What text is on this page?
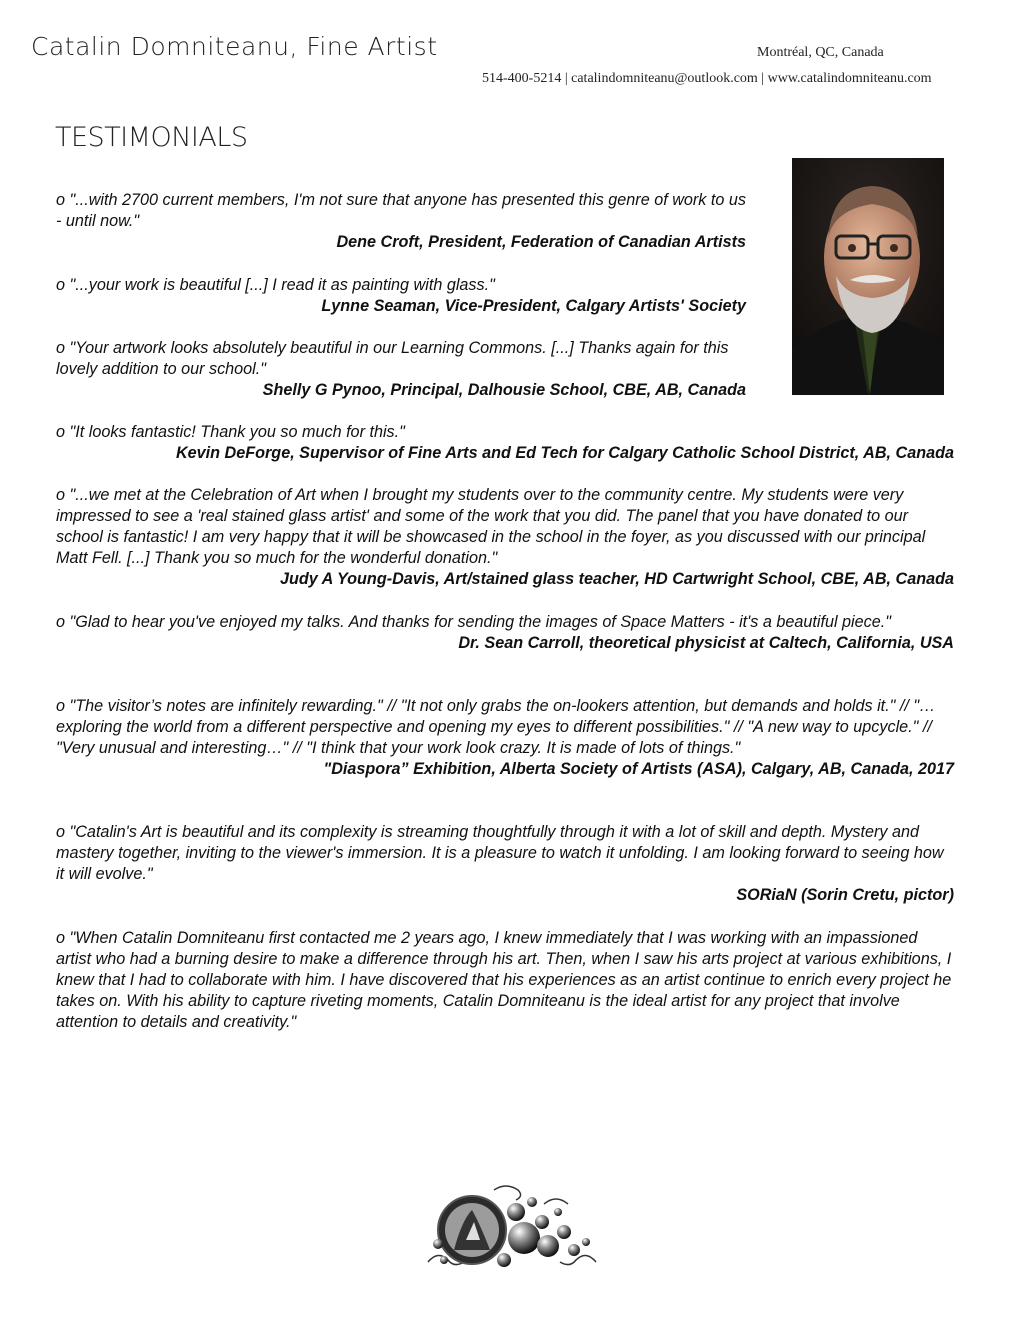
Catalin Domniteanu, Fine Artist	Montréal, QC, Canada
514-400-5214 | catalindomniteanu@outlook.com | www.catalindomniteanu.com
TESTIMONIALS

o "...with 2700 current members, I'm not sure that anyone has presented this genre of work to us - until now."

Dene Croft, President, Federation of Canadian Artists

o "...your work is beautiful [...] I read it as painting with glass."

Lynne Seaman, Vice-President, Calgary Artists' Society

o "Your artwork looks absolutely beautiful in our Learning Commons. [...] Thanks again for this lovely addition to our school."

Shelly G Pynoo, Principal, Dalhousie School, CBE, AB, Canada

o "It looks fantastic! Thank you so much for this."

Kevin DeForge, Supervisor of Fine Arts and Ed Tech for Calgary Catholic School District, AB, Canada

o "...we met at the Celebration of Art when I brought my students over to the community centre. My students were very impressed to see a 'real stained glass artist' and some of the work that you did. The panel that you have donated to our school is fantastic! I am very happy that it will be showcased in the school in the foyer, as you discussed with our principal Matt Fell. [...] Thank you so much for the wonderful donation."

Judy A Young-Davis, Art/stained glass teacher, HD Cartwright School, CBE, AB, Canada

o "Glad to hear you've enjoyed my talks. And thanks for sending the images of Space Matters - it's a beautiful piece."

Dr. Sean Carroll, theoretical physicist at Caltech, California, USA

o "The visitor’s notes are infinitely rewarding." // "It not only grabs the on-lookers attention, but demands and holds it." // "…exploring the world from a different perspective and opening my eyes to different possibilities." // "A new way to upcycle." // "Very unusual and interesting…" // "I think that your work look crazy. It is made of lots of things."

"Diaspora” Exhibition, Alberta Society of Artists (ASA), Calgary, AB, Canada, 2017

o "Catalin's Art is beautiful and its complexity is streaming thoughtfully through it with a lot of skill and depth. Mystery and mastery together, inviting to the viewer's immersion. It is a pleasure to watch it unfolding. I am looking forward to seeing how it will evolve."

SORiaN (Sorin Cretu, pictor)

o "When Catalin Domniteanu first contacted me 2 years ago, I knew immediately that I was working with an impassioned artist who had a burning desire to make a difference through his art. Then, when I saw his arts project at various exhibitions, I knew that I had to collaborate with him. I have discovered that his experiences as an artist continue to enrich every project he takes on. With his ability to capture riveting moments, Catalin Domniteanu is the ideal artist for any project that involve attention to details and creativity."
